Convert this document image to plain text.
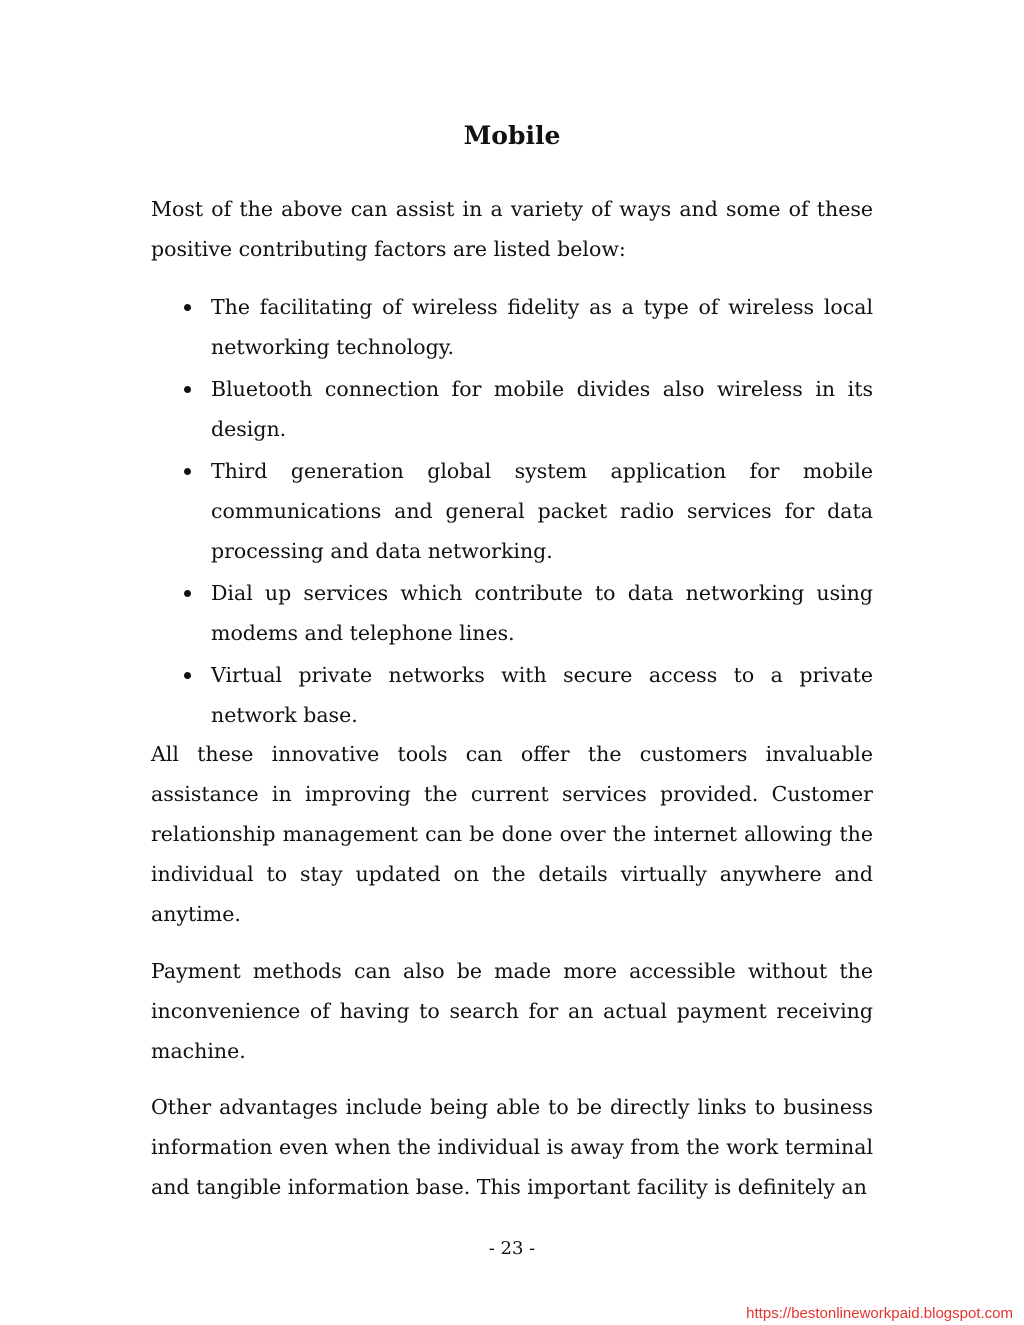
Mobile

Most of the above can assist in a variety of ways and some of these positive contributing factors are listed below:

The facilitating of wireless fidelity as a type of wireless local networking technology.
Bluetooth connection for mobile divides also wireless in its design.
Third generation global system application for mobile communications and general packet radio services for data processing and data networking.
Dial up services which contribute to data networking using modems and telephone lines.
Virtual private networks with secure access to a private network base.

All these innovative tools can offer the customers invaluable assistance in improving the current services provided. Customer relationship management can be done over the internet allowing the individual to stay updated on the details virtually anywhere and anytime.

Payment methods can also be made more accessible without the inconvenience of having to search for an actual payment receiving machine.

Other advantages include being able to be directly links to business information even when the individual is away from the work terminal and tangible information base. This important facility is definitely an

- 23 -
https://bestonlineworkpaid.blogspot.com
